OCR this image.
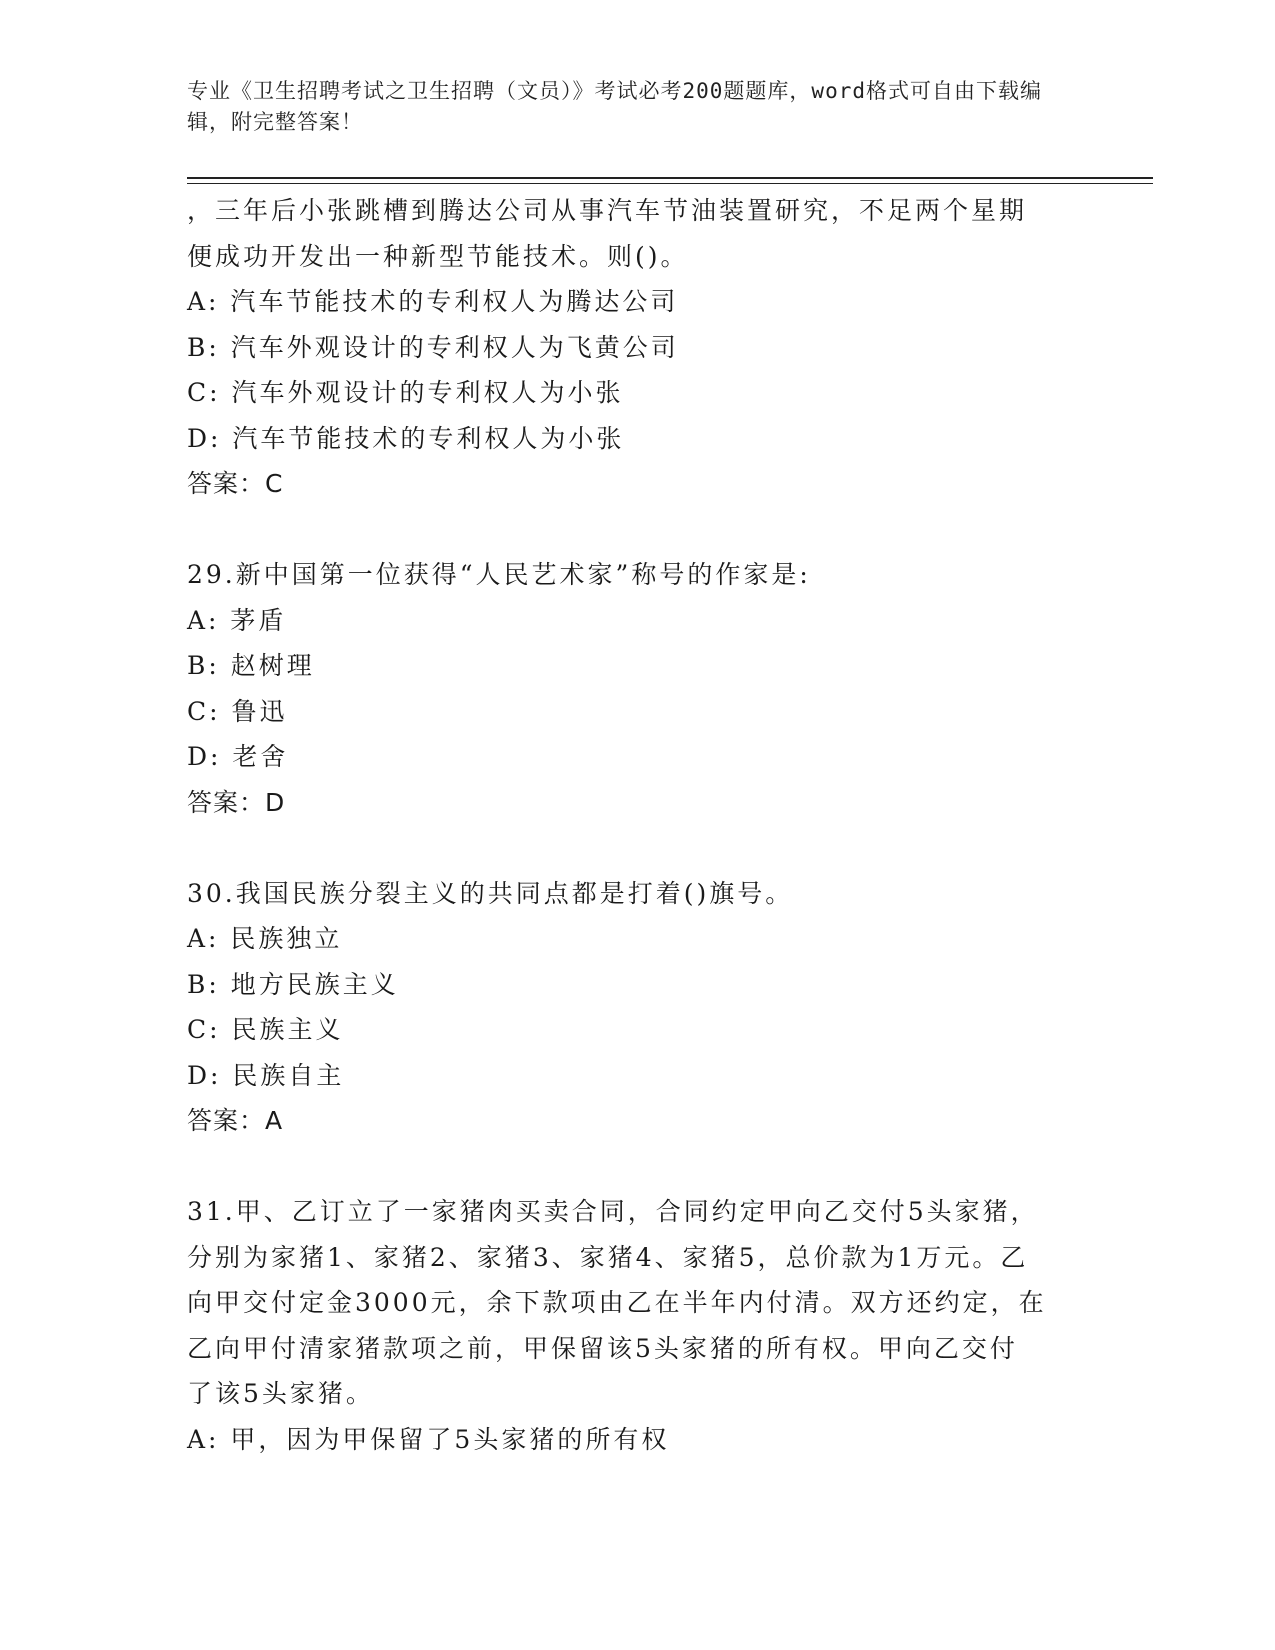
专业《卫生招聘考试之卫生招聘（文员）》考试必考200题题库，word格式可自由下载编辑，附完整答案！
，三年后小张跳槽到腾达公司从事汽车节油装置研究，不足两个星期
便成功开发出一种新型节能技术。则()。
A: 汽车节能技术的专利权人为腾达公司
B: 汽车外观设计的专利权人为飞黄公司
C: 汽车外观设计的专利权人为小张
D: 汽车节能技术的专利权人为小张
答案：C
29.新中国第一位获得“人民艺术家”称号的作家是:
A: 茅盾
B: 赵树理
C: 鲁迅
D: 老舍
答案：D
30.我国民族分裂主义的共同点都是打着()旗号。
A: 民族独立
B: 地方民族主义
C: 民族主义
D: 民族自主
答案：A
31.甲、乙订立了一家猪肉买卖合同，合同约定甲向乙交付5头家猪，
分别为家猪1、家猪2、家猪3、家猪4、家猪5，总价款为1万元。乙
向甲交付定金3000元，余下款项由乙在半年内付清。双方还约定，在
乙向甲付清家猪款项之前，甲保留该5头家猪的所有权。甲向乙交付
了该5头家猪。
A: 甲，因为甲保留了5头家猪的所有权
